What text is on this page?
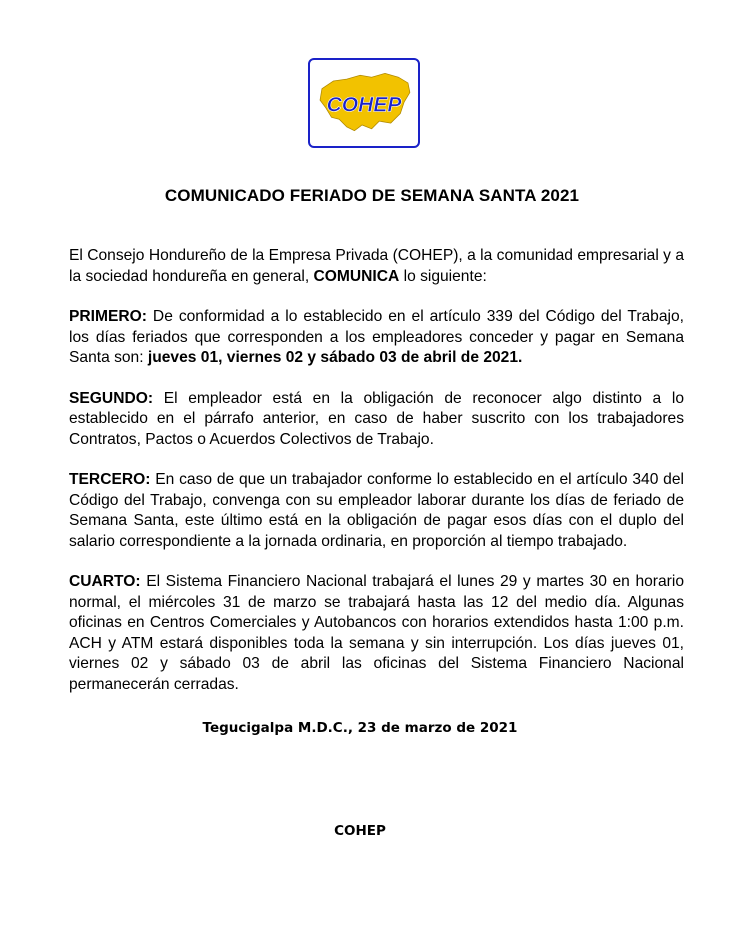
COHEP
COMUNICADO FERIADO DE SEMANA SANTA 2021

El Consejo Hondureño de la Empresa Privada (COHEP), a la comunidad empresarial y a la sociedad hondureña en general, COMUNICA lo siguiente:

PRIMERO: De conformidad a lo establecido en el artículo 339 del Código del Trabajo, los días feriados que corresponden a los empleadores conceder y pagar en Semana Santa son: jueves 01, viernes 02 y sábado 03 de abril de 2021.

SEGUNDO: El empleador está en la obligación de reconocer algo distinto a lo establecido en el párrafo anterior, en caso de haber suscrito con los trabajadores Contratos, Pactos o Acuerdos Colectivos de Trabajo.

TERCERO: En caso de que un trabajador conforme lo establecido en el artículo 340 del Código del Trabajo, convenga con su empleador laborar durante los días de feriado de Semana Santa, este último está en la obligación de pagar esos días con el duplo del salario correspondiente a la jornada ordinaria, en proporción al tiempo trabajado.

CUARTO: El Sistema Financiero Nacional trabajará el lunes 29 y martes 30 en horario normal, el miércoles 31 de marzo se trabajará hasta las 12 del medio día. Algunas oficinas en Centros Comerciales y Autobancos con horarios extendidos hasta 1:00 p.m. ACH y ATM estará disponibles toda la semana y sin interrupción. Los días jueves 01, viernes 02 y sábado 03 de abril las oficinas del Sistema Financiero Nacional permanecerán cerradas.

Tegucigalpa M.D.C., 23 de marzo de 2021
COHEP
